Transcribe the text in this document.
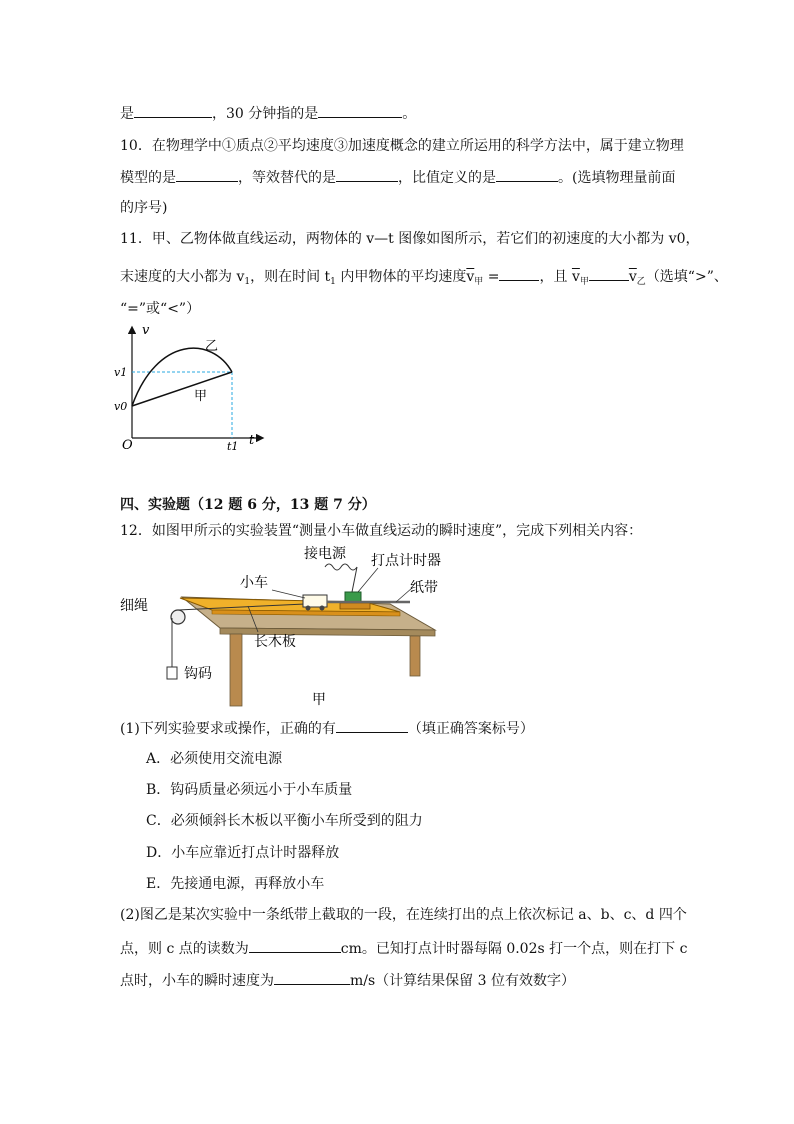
是	，30 分钟指的是	。
10．在物理学中①质点②平均速度③加速度概念的建立所运用的科学方法中，属于建立物理
模型的是	，等效替代的是	，比值定义的是	。(选填物理量前面
的序号)
11．甲、乙物体做直线运动，两物体的 v—t 图像如图所示，若它们的初速度的大小都为 v0，
末速度的大小都为 $v_1$，则在时间 $t_1$ 内甲物体的平均速度$\overline{v}_甲$ =	，且 $\overline{v}_甲$	$\overline{v}_乙$（选填“>”、
“=”或“<”）
v
t
O
v1
v0
t1
乙
甲
四、实验题（12 题 6 分，13 题 7 分）
12．如图甲所示的实验装置“测量小车做直线运动的瞬时速度”，完成下列相关内容：
接电源 打点计时器
小车	纸带
细绳
长木板
钩码
甲
(1)下列实验要求或操作，正确的有	（填正确答案标号）
A．必须使用交流电源
B．钩码质量必须远小于小车质量
C．必须倾斜长木板以平衡小车所受到的阻力
D．小车应靠近打点计时器释放
E．先接通电源，再释放小车
(2)图乙是某次实验中一条纸带上截取的一段，在连续打出的点上依次标记 a、b、c、d 四个
点，则 c 点的读数为	cm。已知打点计时器每隔 0.02s 打一个点，则在打下 c
点时，小车的瞬时速度为	m/s（计算结果保留 3 位有效数字）
